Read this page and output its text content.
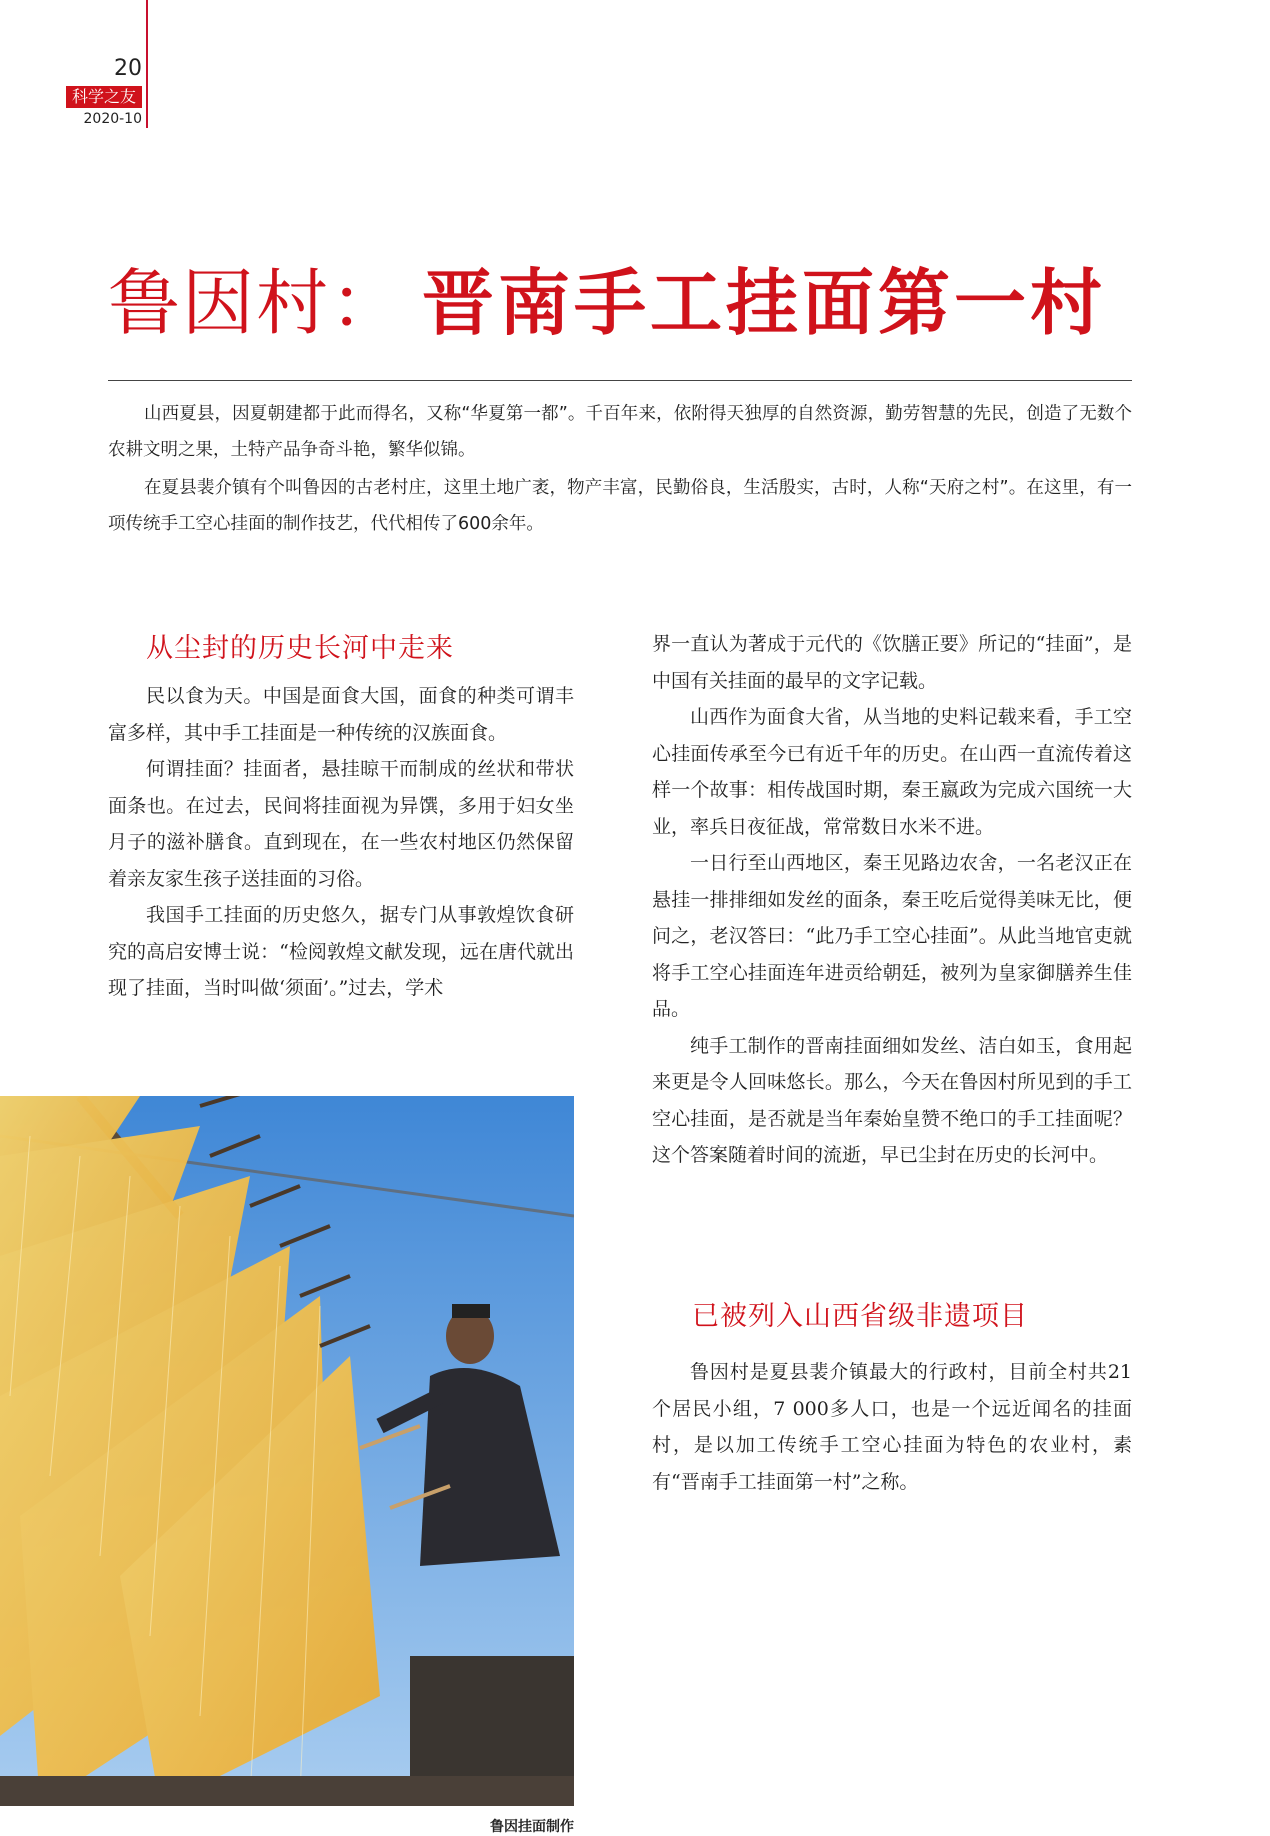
20
科学之友
2020-10
鲁因村： 晋南手工挂面第一村

山西夏县，因夏朝建都于此而得名，又称“华夏第一都”。千百年来，依附得天独厚的自然资源，勤劳智慧的先民，创造了无数个农耕文明之果，土特产品争奇斗艳，繁华似锦。

在夏县裴介镇有个叫鲁因的古老村庄，这里土地广袤，物产丰富，民勤俗良，生活殷实，古时，人称“天府之村”。在这里，有一项传统手工空心挂面的制作技艺，代代相传了600余年。

从尘封的历史长河中走来

民以食为天。中国是面食大国，面食的种类可谓丰富多样，其中手工挂面是一种传统的汉族面食。

何谓挂面？挂面者，悬挂晾干而制成的丝状和带状面条也。在过去，民间将挂面视为异馔，多用于妇女坐月子的滋补膳食。直到现在，在一些农村地区仍然保留着亲友家生孩子送挂面的习俗。

我国手工挂面的历史悠久，据专门从事敦煌饮食研究的高启安博士说：“检阅敦煌文献发现，远在唐代就出现了挂面，当时叫做‘须面’。”过去，学术

界一直认为著成于元代的《饮膳正要》所记的“挂面”，是中国有关挂面的最早的文字记载。

山西作为面食大省，从当地的史料记载来看，手工空心挂面传承至今已有近千年的历史。在山西一直流传着这样一个故事：相传战国时期，秦王嬴政为完成六国统一大业，率兵日夜征战，常常数日水米不进。

一日行至山西地区，秦王见路边农舍，一名老汉正在悬挂一排排细如发丝的面条，秦王吃后觉得美味无比，便问之，老汉答曰：“此乃手工空心挂面”。从此当地官吏就将手工空心挂面连年进贡给朝廷，被列为皇家御膳养生佳品。

纯手工制作的晋南挂面细如发丝、洁白如玉，食用起来更是令人回味悠长。那么，今天在鲁因村所见到的手工空心挂面，是否就是当年秦始皇赞不绝口的手工挂面呢？这个答案随着时间的流逝，早已尘封在历史的长河中。

已被列入山西省级非遗项目

鲁因村是夏县裴介镇最大的行政村，目前全村共21个居民小组，7 000多人口，也是一个远近闻名的挂面村，是以加工传统手工空心挂面为特色的农业村，素有“晋南手工挂面第一村”之称。

鲁因挂面制作
